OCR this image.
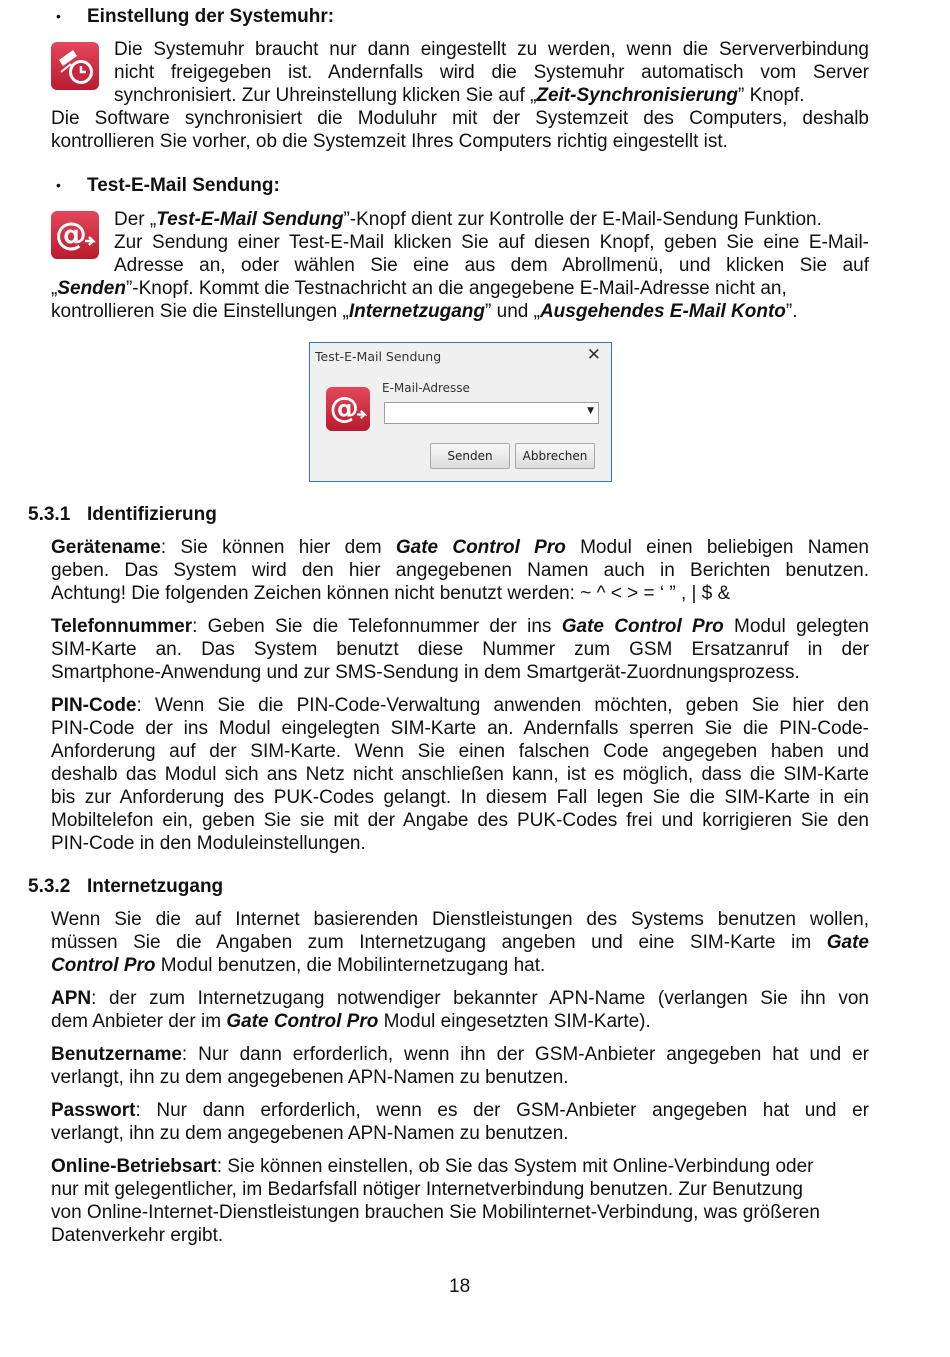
• Einstellung der Systemuhr:
Die Systemuhr braucht nur dann eingestellt zu werden, wenn die Serververbindung
nicht freigegeben ist. Andernfalls wird die Systemuhr automatisch vom Server
synchronisiert. Zur Uhreinstellung klicken Sie auf „Zeit-Synchronisierung” Knopf.
Die Software synchronisiert die Moduluhr mit der Systemzeit des Computers, deshalb
kontrollieren Sie vorher, ob die Systemzeit Ihres Computers richtig eingestellt ist.
• Test-E-Mail Sendung:
@ Der „Test-E-Mail Sendung”-Knopf dient zur Kontrolle der E-Mail-Sendung Funktion.
Zur Sendung einer Test-E-Mail klicken Sie auf diesen Knopf, geben Sie eine E-Mail-
Adresse an, oder wählen Sie eine aus dem Abrollmenü, und klicken Sie auf
„Senden”-Knopf. Kommt die Testnachricht an die angegebene E-Mail-Adresse nicht an,
kontrollieren Sie die Einstellungen „Internetzugang” und „Ausgehendes E-Mail Konto”.
Test-E-Mail Sendung	✕
@
E-Mail-Adresse
▼
Senden	Abbrechen
5.3.1 Identifizierung
Gerätename: Sie können hier dem Gate Control Pro Modul einen beliebigen Namen
geben. Das System wird den hier angegebenen Namen auch in Berichten benutzen.
Achtung! Die folgenden Zeichen können nicht benutzt werden: ~ ^ < > = ‘ ” , | $ &
Telefonnummer: Geben Sie die Telefonnummer der ins Gate Control Pro Modul gelegten
SIM-Karte an. Das System benutzt diese Nummer zum GSM Ersatzanruf in der
Smartphone-Anwendung und zur SMS-Sendung in dem Smartgerät-Zuordnungsprozess.
PIN-Code: Wenn Sie die PIN-Code-Verwaltung anwenden möchten, geben Sie hier den
PIN-Code der ins Modul eingelegten SIM-Karte an. Andernfalls sperren Sie die PIN-Code-
Anforderung auf der SIM-Karte. Wenn Sie einen falschen Code angegeben haben und
deshalb das Modul sich ans Netz nicht anschließen kann, ist es möglich, dass die SIM-Karte
bis zur Anforderung des PUK-Codes gelangt. In diesem Fall legen Sie die SIM-Karte in ein
Mobiltelefon ein, geben Sie sie mit der Angabe des PUK-Codes frei und korrigieren Sie den
PIN-Code in den Moduleinstellungen.
5.3.2 Internetzugang
Wenn Sie die auf Internet basierenden Dienstleistungen des Systems benutzen wollen,
müssen Sie die Angaben zum Internetzugang angeben und eine SIM-Karte im Gate
Control Pro Modul benutzen, die Mobilinternetzugang hat.
APN: der zum Internetzugang notwendiger bekannter APN-Name (verlangen Sie ihn von
dem Anbieter der im Gate Control Pro Modul eingesetzten SIM-Karte).
Benutzername: Nur dann erforderlich, wenn ihn der GSM-Anbieter angegeben hat und er
verlangt, ihn zu dem angegebenen APN-Namen zu benutzen.
Passwort: Nur dann erforderlich, wenn es der GSM-Anbieter angegeben hat und er
verlangt, ihn zu dem angegebenen APN-Namen zu benutzen.
Online-Betriebsart: Sie können einstellen, ob Sie das System mit Online-Verbindung oder
nur mit gelegentlicher, im Bedarfsfall nötiger Internetverbindung benutzen. Zur Benutzung
von Online-Internet-Dienstleistungen brauchen Sie Mobilinternet-Verbindung, was größeren
Datenverkehr ergibt.
18
